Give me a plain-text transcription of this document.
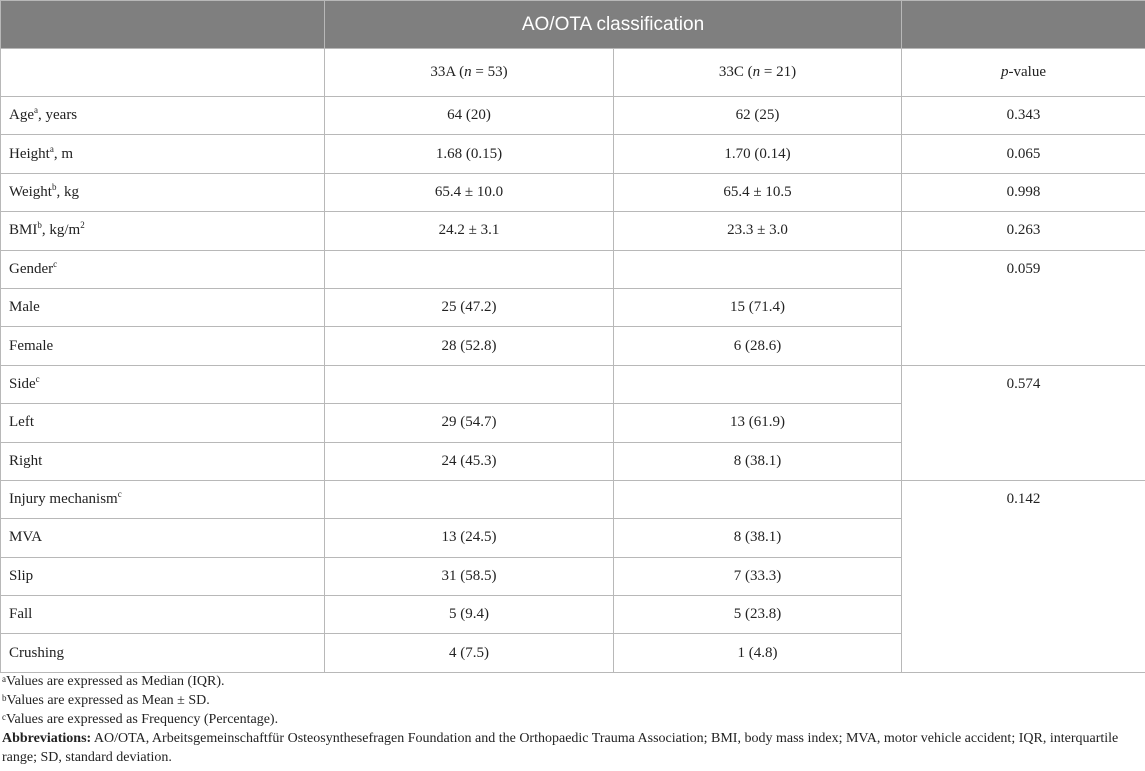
	AO/OTA classification		
	33A (n = 53)	33C (n = 21)	p-value
Age$^a$, years	64 (20)	62 (25)	0.343
Height$^a$, m	1.68 (0.15)	1.70 (0.14)	0.065
Weight$^b$, kg	65.4 ± 10.0	65.4 ± 10.5	0.998
BMI$^b$, $kg/m^2$	24.2 ± 3.1	23.3 ± 3.0	0.263
Gender$^c$			0.059
Male	25 (47.2)	15 (71.4)	
Female	28 (52.8)	6 (28.6)	
Side$^c$			0.574
Left	29 (54.7)	13 (61.9)	
Right	24 (45.3)	8 (38.1)	
Injury mechanism$^c$			0.142
MVA	13 (24.5)	8 (38.1)	
Slip	31 (58.5)	7 (33.3)	
Fall	5 (9.4)	5 (23.8)	
Crushing	4 (7.5)	1 (4.8)	

$^a$Values are expressed as Median (IQR).

$^b$Values are expressed as Mean ± SD.

$^c$Values are expressed as Frequency (Percentage).

Abbreviations: AO/OTA, Arbeitsgemeinschaftfür Osteosynthesefragen Foundation and the Orthopaedic Trauma Association; BMI, body mass index; MVA, motor vehicle accident; IQR, interquartile range; SD, standard deviation.
